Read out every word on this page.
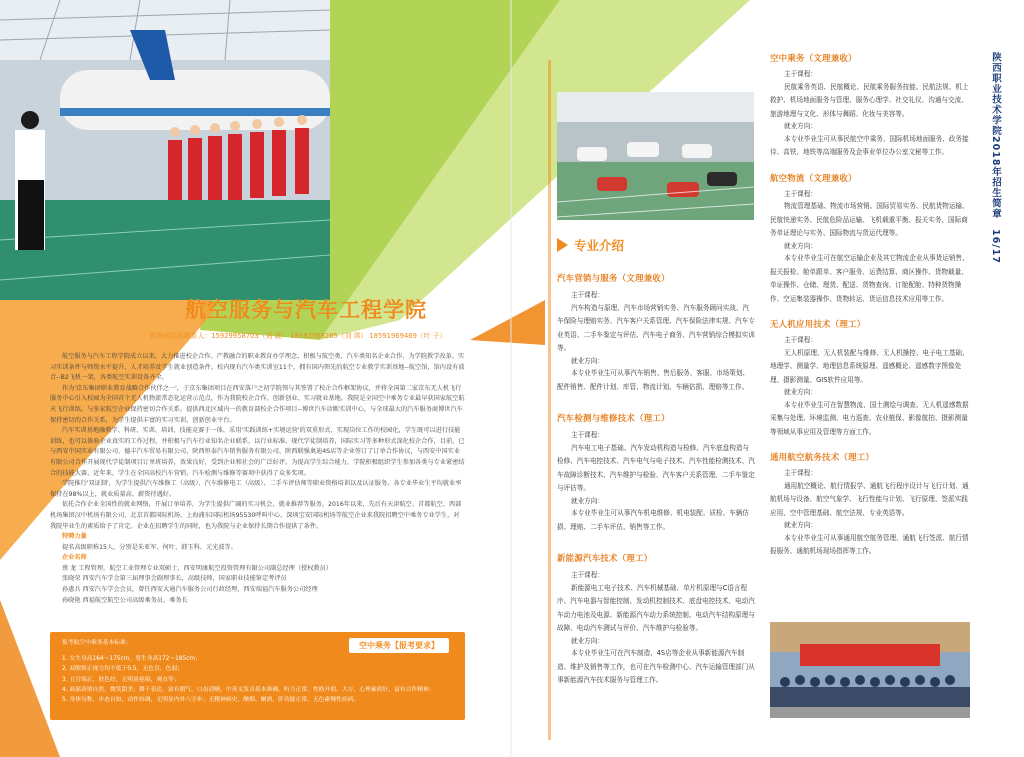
航空服务与汽车工程学院
咨询电话及联系人：15929958703（刘 晨） 18392068285（刘 琪） 18591969469（叶 子）

航空服务与汽车工程学院成立以来，大力推进校企合作、产教融合的职业教育办学理念，积极与航空类、汽车类知名企业合作，为学院教学改革、实习实训条件与师资水平提升、人才培养及学生就业创造条件。校内现有汽车类实训室11个，拥有国内领先的航空专业教学实训基地--航空馆，馆内设有波音--B2飞机一架，各类航空实训设备齐全。

作为'京东集团职业教育战略合作伙伴之一'，于京东集团项目在西安落户之初学院领与其签署了校企合作框架协议，并将全国第二家京东无人机飞行服务中心引入校园为全国首个无人机物流常态化运营示范点，作为我院校企合作、创新创业、实习就业基地。我院是全国空中乘务专业最早获国家航空航天飞行训练，与多家航空企业保持密切合作关系。提供西北区域内一的教育部校企合作项目--博世汽车诊断实训中心，与全球最大的汽车服务商博世汽车保持密切的合作关系，为学生提供丰富的实习实训、创新创业平台。

汽车实训基地融教学、科研、实训、培训、技能竞赛于一体，采用'实践训练+实境运营'的双重形式，实现岗位工作的校园化，学生既可以进行技能训练，也可以体验企业真实的工作过程，并积极与汽车行业知名企业联系，以行业标准、现代学徒制培养，国际实习等多种形式深化校企合作，目前，已与西安中国实业有限公司、德丰汽车贸易有限公司、陕西恒泰汽车销售服务有限公司、陕西联强奥迪4S店等企业签订了订单合作协议，与西安中国实业有限公司合作开展现代学徒制项目订单班培养，效果良好，受到企业和社会的广泛好评。为提高学生综合能力，学院积极组织学生参加各类与专业紧密结合的技能大赛，近年来，学生在全国高校汽车营销、汽车检测与维修等赛项中获得了众多奖项。

学院推行'双证制'，为学生提供汽车维修工（高级）、汽车维修电工（高级）、二手车评估师等职业资格培训以及认证服务。各专业毕业生平均就业率保持在98%以上，就业质量高、薪资待遇好。

依托合作企业全国性的就业网络，开展订单培养，为学生提供广阔的实习机会、就业推荐等服务。2016年以来，先后有天津航空、首都航空、西部机场集团汉中机场有限公司、北京首都国际机场、上海浦东国际机场95530呼叫中心、深圳宝安国际机场等航空企业来我院招聘空中乘务专业学生，对我院毕业生的素质给予了肯定。企业在招聘学生的同时，也为我院与企业保持长期合作提供了条件。

特聘力量
提名高级职称15人，分别是朱亚军、何叶、韩玉科、元光波等。
企业名师
蔡 龙 工程管理，航空工业管理专业双硕士，西安明康航空投资管理有限公司副总经理（授权教员）
张晓荣 西安汽车学会第三届理事会副理事长，高级技师，国家职业技能鉴定考评员
孙惠兵 西安汽车学会会员，曾任西安大通汽车服务公司行政经理，西安瑞福汽车服务公司经理
孙晓艳 西福航空航空公司高级乘务员，乘务长
空中乘务【报考要求】
报考航空中乘务基本标准：
1. 女生身高164～175cm，男生身高172～185cm；
2. 双眼矫正视力均不低于0.5，无色盲、色弱；
3. 五官端正，肤色好，无明显疤痕，观点等；
4. 面部表情自然，微笑甜美；舞于表达，富有朝气，口齿清晰，中英文发音基本准确，听力正常，性格开朗、大方，心理素质好，富有合作精神；
5. 身体匀称，步态自如，动作协调，无明显内外八字步；无精神病史，酗烟、酗酒，肝功能正常，无色素慢性疾病。
专业介绍
汽车营销与服务（文理兼收）
主干课程：
汽车构造与原理、汽车市场营销实务、汽车服务顾问实战、汽车保险与理赔实务、汽车客户关系管理、汽车保险法律实规、汽车专业英语、二手车鉴定与评估、汽车电子商务、汽车营销综合模拟实训等。
就业方向：
本专业毕业生可从事汽车销售、售后服务、客服、市场策划、配件销售、配件计划、库管、物流计划、车辆估损、理赔等工作。
汽车检测与维修技术（理工）
主干课程：
汽车电工电子基础、汽车发动机构造与检修、汽车底盘构造与检修、汽车电控技术、汽车电气与电子技术、汽车性能检测技术、汽车故障诊断技术、汽车维护与检验、汽车客户关系管理、二手车鉴定与评估等。
就业方向：
本专业毕业生可从事汽车机电维修、机电装配、质检、车辆估损、理赔、二手车评估、销售等工作。
新能源汽车技术（理工）
主干课程：
新能源电工电子技术、汽车机械基础、单片机原理与C语言程序、汽车电器与智能控制、发动机控制技术、底盘电控技术、电动汽车动力电池及电源、新能源汽车动力系统控制、电动汽车结构原理与故障、电动汽车测试与评价、汽车维护与检验等。
就业方向：
本专业毕业生可在汽车制造、4S店等企业从事新能源汽车制造、维护及销售等工作，也可在汽车检测中心、汽车运输管理部门从事新能源汽车技术服务与管理工作。
空中乘务（文理兼收）
主干课程：
民航乘务英语、民航概论、民航乘务服务技能、民航法规、机上救护、机场地面服务与管理、服务心理学、社交礼仪、沟通与交流、旅游地理与文化、形体与舞蹈、化妆与美容等。
就业方向：
本专业毕业生可从事民航空中乘务、国际机场地面服务、政务接待、高铁、地铁等高端服务及企事业单位办公室文秘等工作。
航空物流（文理兼收）
主干课程：
物流管理基础、物流市场营销、国际贸易实务、民航货物运输、民航快递实务、民航危险品运输、飞机载重平衡、报关实务、国际商务单证理论与实务、国际物流与货运代理等。
就业方向：
本专业毕业生可在航空运输企业及其它物流企业从事货运销售、报关报检、舱单跟单、客户服务、运费结算、商区操作、货物载量、单证操作、仓储、理货、配送、货物查询、订舱配舱、特种货物操作、空运集装器操作、货物转运、货运信息技术应用等工作。
无人机应用技术（理工）
主干课程：
无人机原理、无人机装配与维修、无人机操控、电子电工基础、地理学、测量学、地理信息系统原理、遥感概论、遥感数字图像处理、摄影测量、GIS软件应用等。
就业方向：
本专业毕业生可在智慧物流、国土测绘与调查、无人机遥感数据采集与处理、环境监测、电力巡查、农业植保、影像航拍、摄影测量等领域从事应用及管理等方面工作。
通用航空航务技术（理工）
主干课程：
通用航空概论、航行情报学、通航飞行程序设计与飞行计划、通航机场与设备、航空气象学、飞行性能与计划、飞行原理、签派实践应用、空中管理基础、航空法规、专业英语等。
就业方向：
本专业毕业生可从事通用航空航务管理、通航飞行签派、航行情报服务、通航机场现场指挥等工作。
陕西职业技术学院2018年招生简章 16/17
